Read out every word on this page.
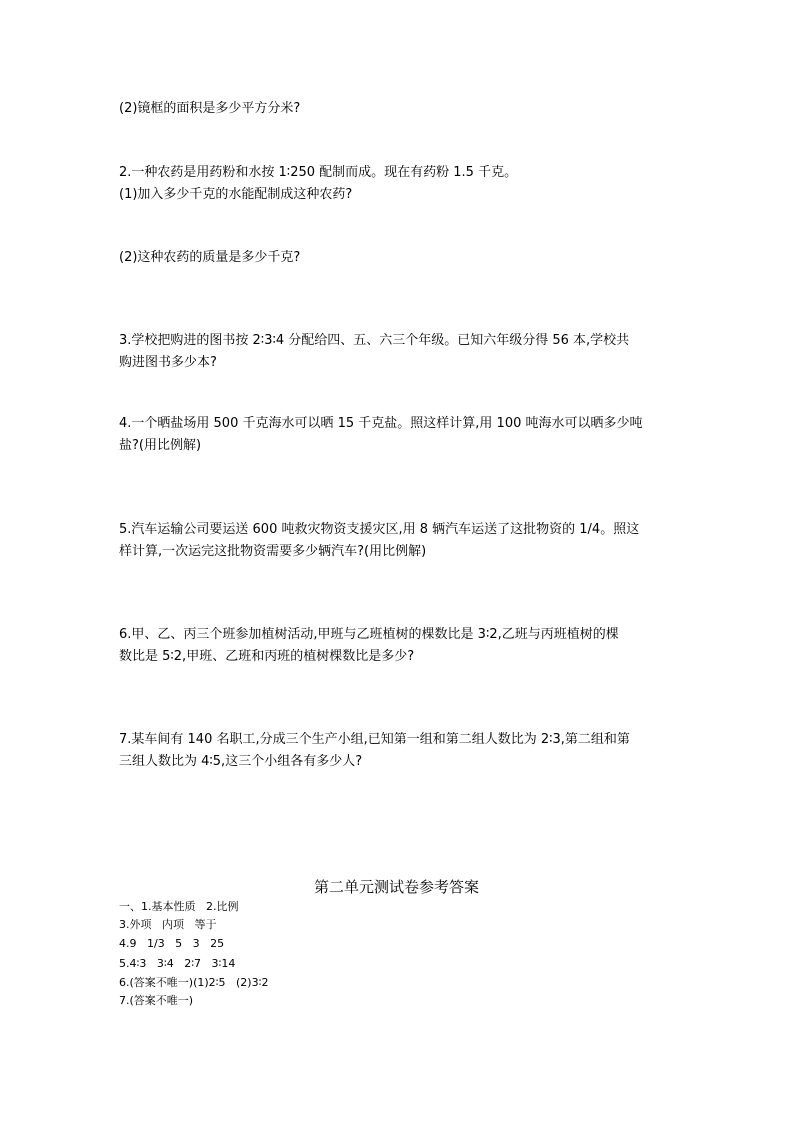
(2)镜框的面积是多少平方分米?
2.一种农药是用药粉和水按 1∶250 配制而成。现在有药粉 1.5 千克。
(1)加入多少千克的水能配制成这种农药?
(2)这种农药的质量是多少千克?
3.学校把购进的图书按 2∶3∶4 分配给四、五、六三个年级。已知六年级分得 56 本,学校共
购进图书多少本?
4.一个晒盐场用 500 千克海水可以晒 15 千克盐。照这样计算,用 100 吨海水可以晒多少吨
盐?(用比例解)
5.汽车运输公司要运送 600 吨救灾物资支援灾区,用 8 辆汽车运送了这批物资的 1/4。照这
样计算,一次运完这批物资需要多少辆汽车?(用比例解)
6.甲、乙、丙三个班参加植树活动,甲班与乙班植树的棵数比是 3∶2,乙班与丙班植树的棵
数比是 5∶2,甲班、乙班和丙班的植树棵数比是多少?
7.某车间有 140 名职工,分成三个生产小组,已知第一组和第二组人数比为 2∶3,第二组和第
三组人数比为 4∶5,这三个小组各有多少人?
第二单元测试卷参考答案
一、1.基本性质   2.比例
3.外项   内项   等于
4.9   1/3   5   3   25
5.4∶3   3∶4   2∶7   3∶14
6.(答案不唯一)(1)2∶5   (2)3∶2
7.(答案不唯一)
